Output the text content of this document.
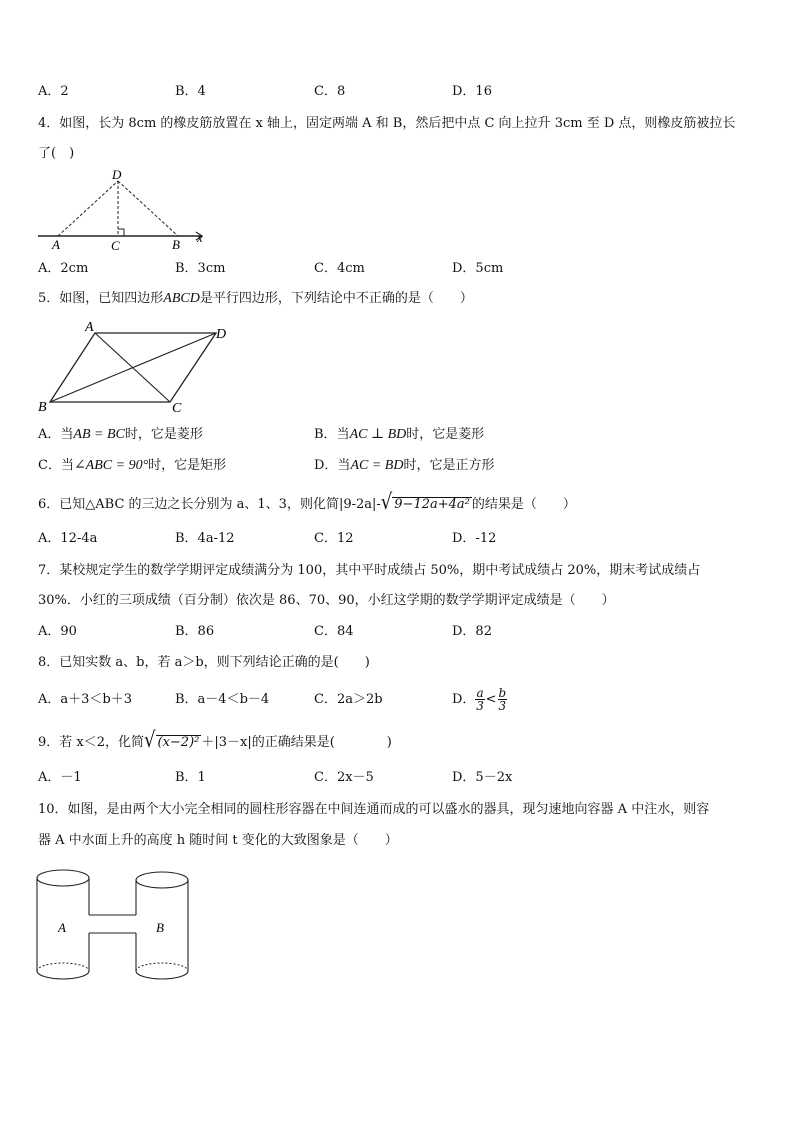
A．2	B．4	C．8	D．16
4．如图，长为 8cm 的橡皮筋放置在 x 轴上，固定两端 A 和 B，然后把中点 C 向上拉升 3cm 至 D 点，则橡皮筋被拉长
了(　)
D
A	C	B x
A．2cm	B．3cm	C．4cm	D．5cm
5．如图，已知四边形ABCD是平行四边形，下列结论中不正确的是（　　）
A	D
B	C
A．当AB = BC时，它是菱形	B．当AC ⊥ BD时，它是菱形
C．当∠ABC = 90°时，它是矩形	D．当AC = BD时，它是正方形
6．已知△ABC 的三边之长分别为 a、1、3，则化简|9-2a|-√ 9−12a+4a² 的结果是（　　）
A．12-4a	B．4a-12	C．12	D．-12
7．某校规定学生的数学学期评定成绩满分为 100，其中平时成绩占 50%，期中考试成绩占 20%，期末考试成绩占
30%．小红的三项成绩（百分制）依次是 86、70、90，小红这学期的数学学期评定成绩是（　　）
A．90	B．86	C．84	D．82
8．已知实数 a、b，若 a＞b，则下列结论正确的是(　　)
A．a＋3＜b＋3	B．a－4＜b－4	C．2a＞2b	D． $\frac{a}{3} < \frac{b}{3}$
9．若 x＜2，化简√ (x−2)² ＋|3－x|的正确结果是(　　　　)
A．－1	B．1	C．2x－5	D．5－2x
10．如图，是由两个大小完全相同的圆柱形容器在中间连通而成的可以盛水的器具，现匀速地向容器 A 中注水，则容
器 A 中水面上升的高度 h 随时间 t 变化的大致图象是（　　）
A	B
